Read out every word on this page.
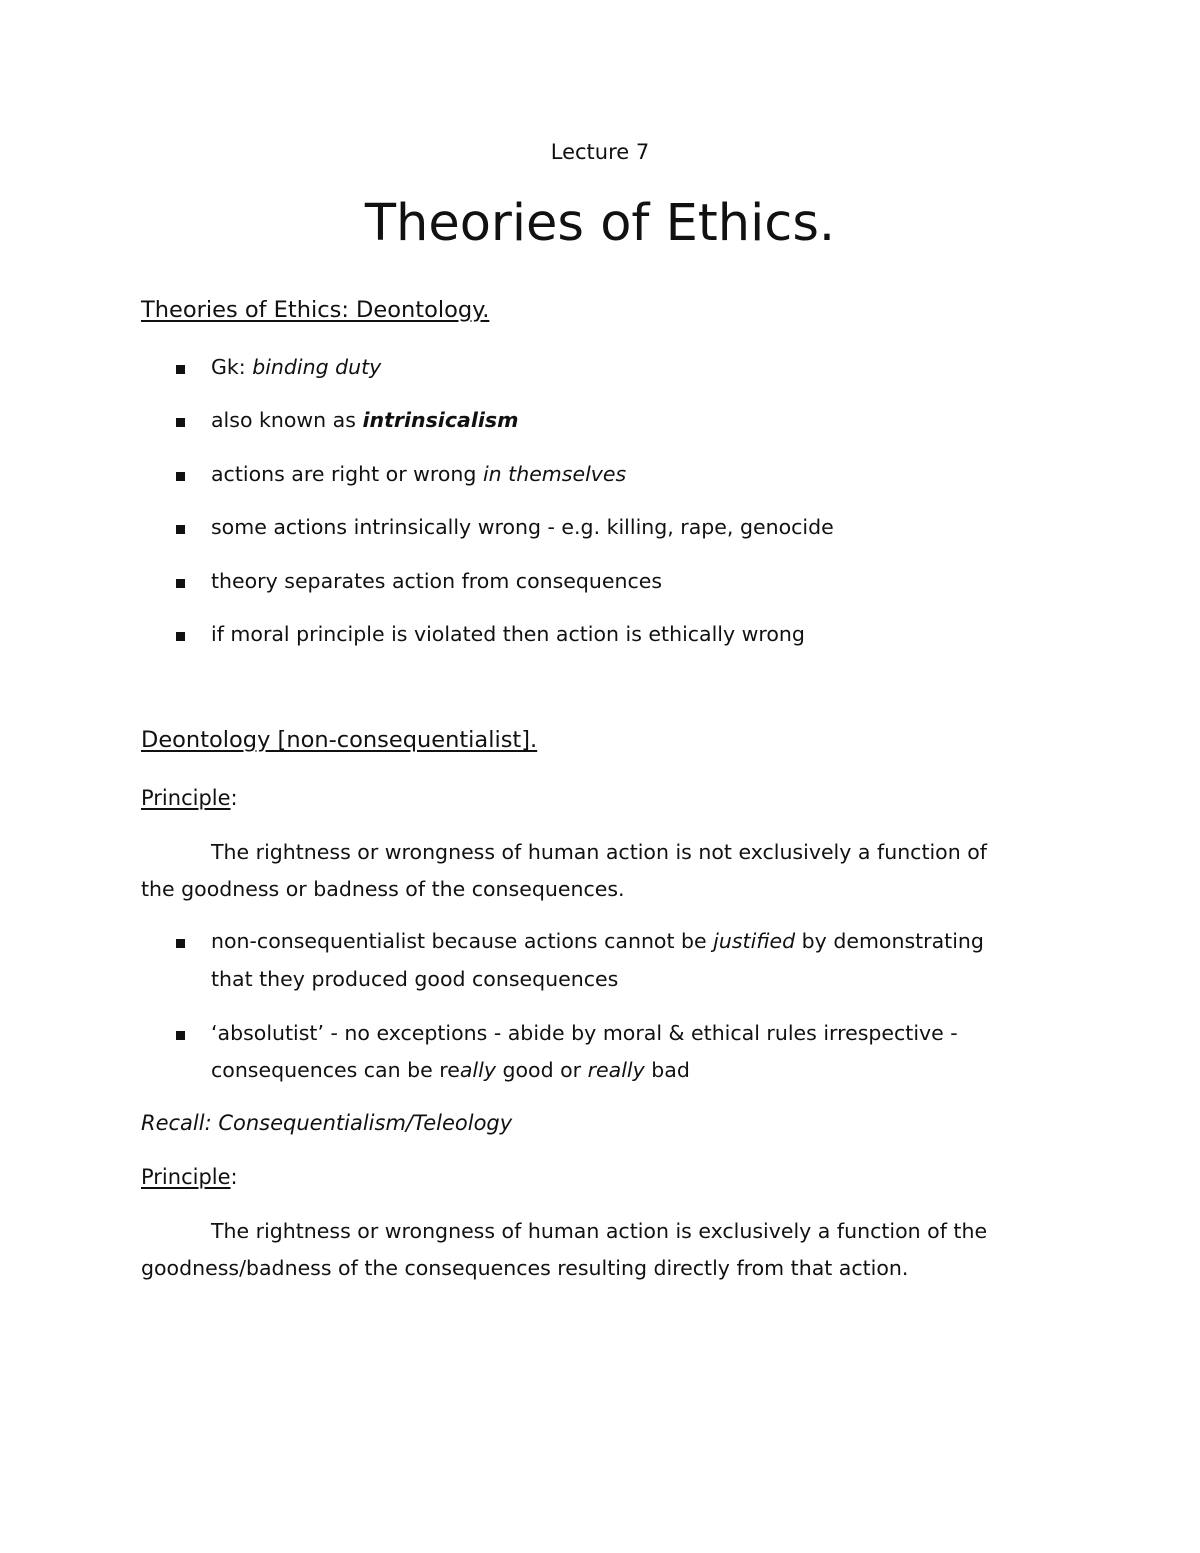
Lecture 7
Theories of Ethics.
Theories of Ethics: Deontology.
Gk: binding duty
also known as intrinsicalism
actions are right or wrong in themselves
some actions intrinsically wrong - e.g. killing, rape, genocide
theory separates action from consequences
if moral principle is violated then action is ethically wrong
Deontology [non-consequentialist].
Principle:
The rightness or wrongness of human action is not exclusively a function of
the goodness or badness of the consequences.
non-consequentialist because actions cannot be justified by demonstrating
that they produced good consequences
‘absolutist’ - no exceptions - abide by moral & ethical rules irrespective -
consequences can be really good or really bad
Recall: Consequentialism/Teleology
Principle:
The rightness or wrongness of human action is exclusively a function of the
goodness/badness of the consequences resulting directly from that action.
